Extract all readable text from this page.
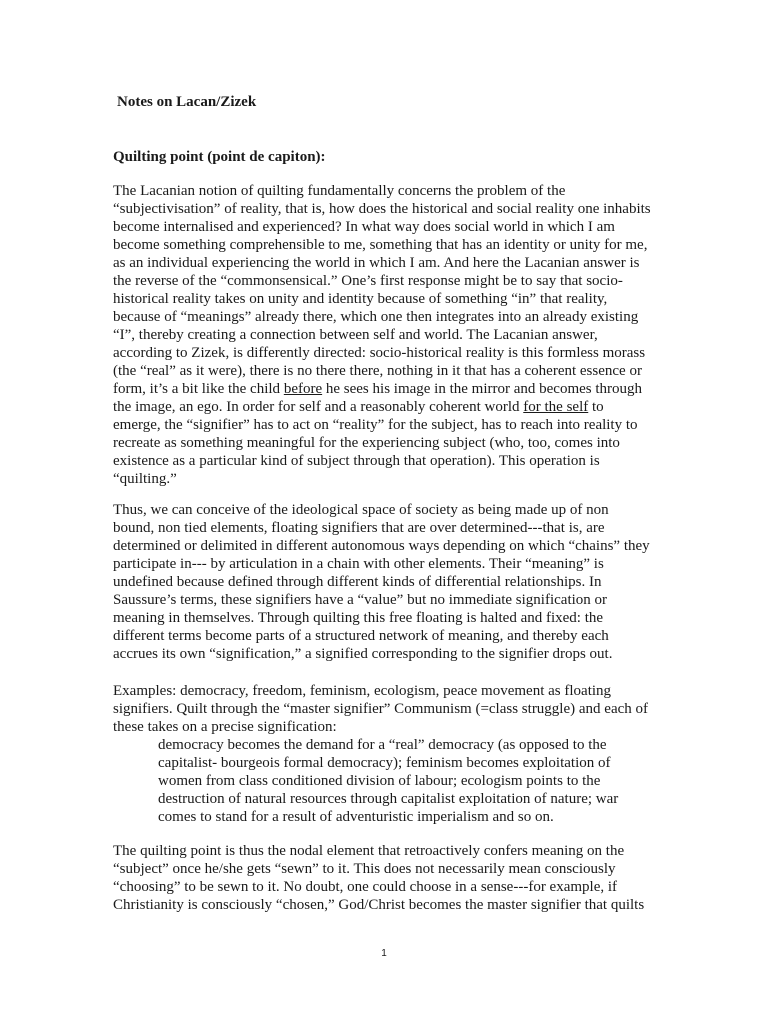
Notes on Lacan/Zizek
Quilting point (point de capiton):
The Lacanian notion of quilting fundamentally concerns the problem of the
“subjectivisation” of reality, that is, how does the historical and social reality one inhabits
become internalised and experienced? In what way does social world in which I am
become something comprehensible to me, something that has an identity or unity for me,
as an individual experiencing the world in which I am. And here the Lacanian answer is
the reverse of the “commonsensical.” One’s first response might be to say that socio-
historical reality takes on unity and identity because of something “in” that reality,
because of “meanings” already there, which one then integrates into an already existing
“I”, thereby creating a connection between self and world. The Lacanian answer,
according to Zizek, is differently directed: socio-historical reality is this formless morass
(the “real” as it were), there is no there there, nothing in it that has a coherent essence or
form, it’s a bit like the child before he sees his image in the mirror and becomes through
the image, an ego. In order for self and a reasonably coherent world for the self to
emerge, the “signifier” has to act on “reality” for the subject, has to reach into reality to
recreate as something meaningful for the experiencing subject (who, too, comes into
existence as a particular kind of subject through that operation). This operation is
“quilting.”
Thus, we can conceive of the ideological space of society as being made up of non
bound, non tied elements, floating signifiers that are over determined---that is, are
determined or delimited in different autonomous ways depending on which “chains” they
participate in--- by articulation in a chain with other elements. Their “meaning” is
undefined because defined through different kinds of differential relationships. In
Saussure’s terms, these signifiers have a “value” but no immediate signification or
meaning in themselves. Through quilting this free floating is halted and fixed: the
different terms become parts of a structured network of meaning, and thereby each
accrues its own “signification,” a signified corresponding to the signifier drops out.
Examples: democracy, freedom, feminism, ecologism, peace movement as floating
signifiers. Quilt through the “master signifier” Communism (=class struggle) and each of
these takes on a precise signification:
democracy becomes the demand for a “real” democracy (as opposed to the
capitalist- bourgeois formal democracy); feminism becomes exploitation of
women from class conditioned division of labour; ecologism points to the
destruction of natural resources through capitalist exploitation of nature; war
comes to stand for a result of adventuristic imperialism and so on.
The quilting point is thus the nodal element that retroactively confers meaning on the
“subject” once he/she gets “sewn” to it. This does not necessarily mean consciously
“choosing” to be sewn to it. No doubt, one could choose in a sense---for example, if
Christianity is consciously “chosen,” God/Christ becomes the master signifier that quilts
1
